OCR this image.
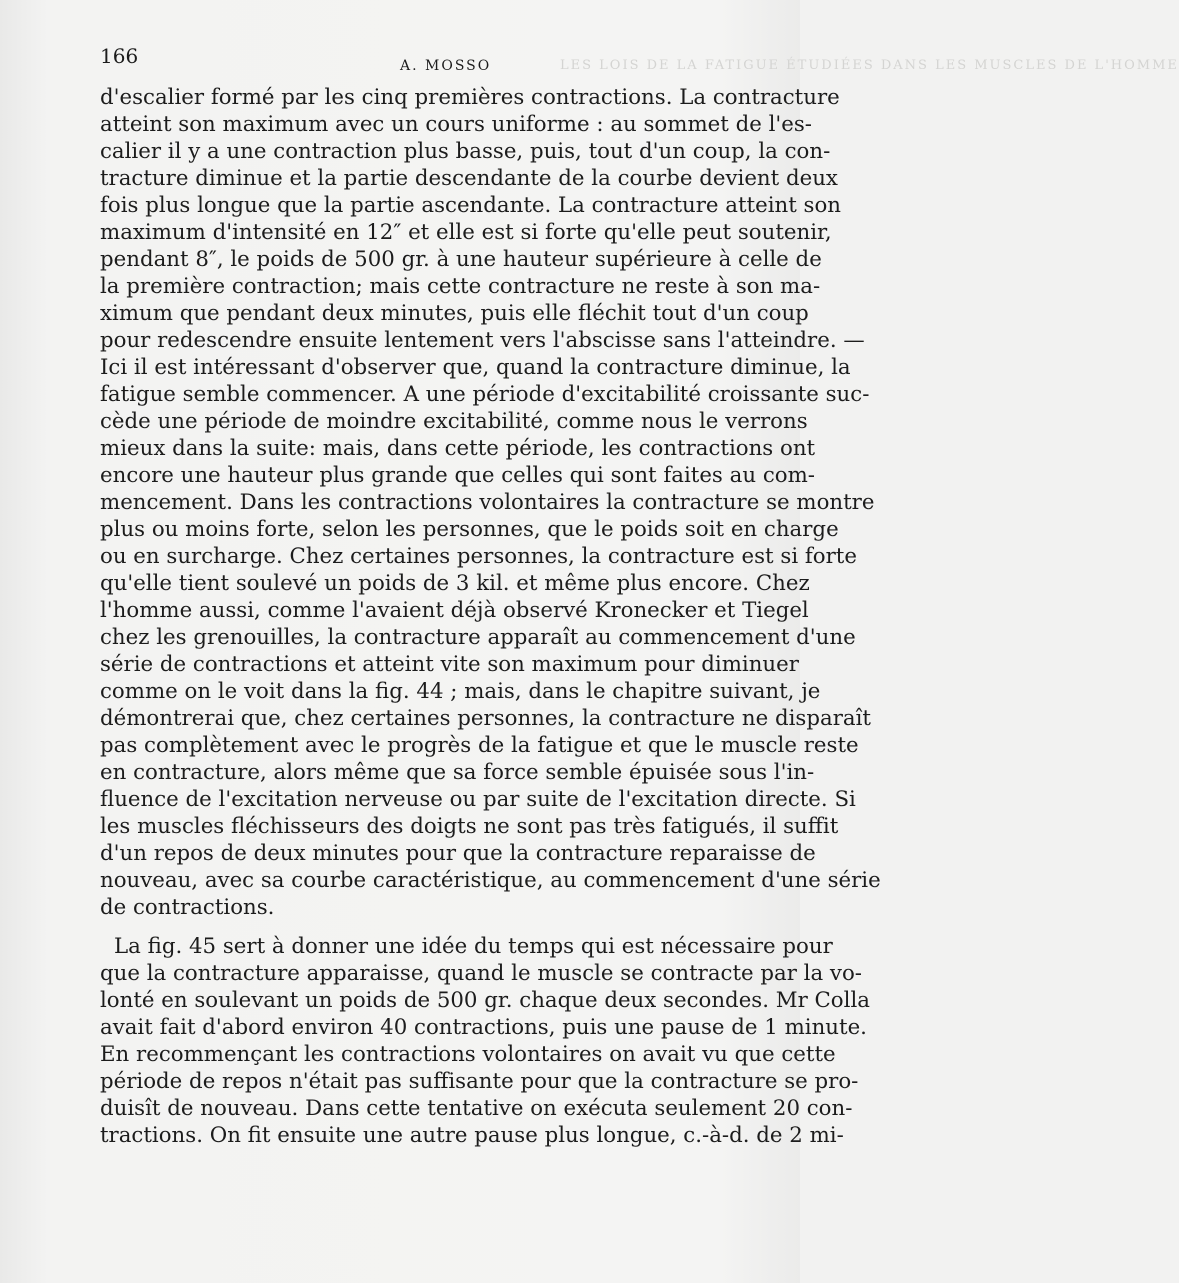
LES LOIS DE LA FATIGUE ÉTUDIÉES DANS LES MUSCLES DE L'HOMME
166	A. MOSSO
d'escalier formé par les cinq premières contractions. La contracture
atteint son maximum avec un cours uniforme : au sommet de l'es-
calier il y a une contraction plus basse, puis, tout d'un coup, la con-
tracture diminue et la partie descendante de la courbe devient deux
fois plus longue que la partie ascendante. La contracture atteint son
maximum d'intensité en 12″ et elle est si forte qu'elle peut soutenir,
pendant 8″, le poids de 500 gr. à une hauteur supérieure à celle de
la première contraction; mais cette contracture ne reste à son ma-
ximum que pendant deux minutes, puis elle fléchit tout d'un coup
pour redescendre ensuite lentement vers l'abscisse sans l'atteindre. —
Ici il est intéressant d'observer que, quand la contracture diminue, la
fatigue semble commencer. A une période d'excitabilité croissante suc-
cède une période de moindre excitabilité, comme nous le verrons
mieux dans la suite: mais, dans cette période, les contractions ont
encore une hauteur plus grande que celles qui sont faites au com-
mencement. Dans les contractions volontaires la contracture se montre
plus ou moins forte, selon les personnes, que le poids soit en charge
ou en surcharge. Chez certaines personnes, la contracture est si forte
qu'elle tient soulevé un poids de 3 kil. et même plus encore. Chez
l'homme aussi, comme l'avaient déjà observé Kronecker et Tiegel
chez les grenouilles, la contracture apparaît au commencement d'une
série de contractions et atteint vite son maximum pour diminuer
comme on le voit dans la fig. 44 ; mais, dans le chapitre suivant, je
démontrerai que, chez certaines personnes, la contracture ne disparaît
pas complètement avec le progrès de la fatigue et que le muscle reste
en contracture, alors même que sa force semble épuisée sous l'in-
fluence de l'excitation nerveuse ou par suite de l'excitation directe. Si
les muscles fléchisseurs des doigts ne sont pas très fatigués, il suffit
d'un repos de deux minutes pour que la contracture reparaisse de
nouveau, avec sa courbe caractéristique, au commencement d'une série
de contractions.
La fig. 45 sert à donner une idée du temps qui est nécessaire pour
que la contracture apparaisse, quand le muscle se contracte par la vo-
lonté en soulevant un poids de 500 gr. chaque deux secondes. Mr Colla
avait fait d'abord environ 40 contractions, puis une pause de 1 minute.
En recommençant les contractions volontaires on avait vu que cette
période de repos n'était pas suffisante pour que la contracture se pro-
duisît de nouveau. Dans cette tentative on exécuta seulement 20 con-
tractions. On fit ensuite une autre pause plus longue, c.-à-d. de 2 mi-
